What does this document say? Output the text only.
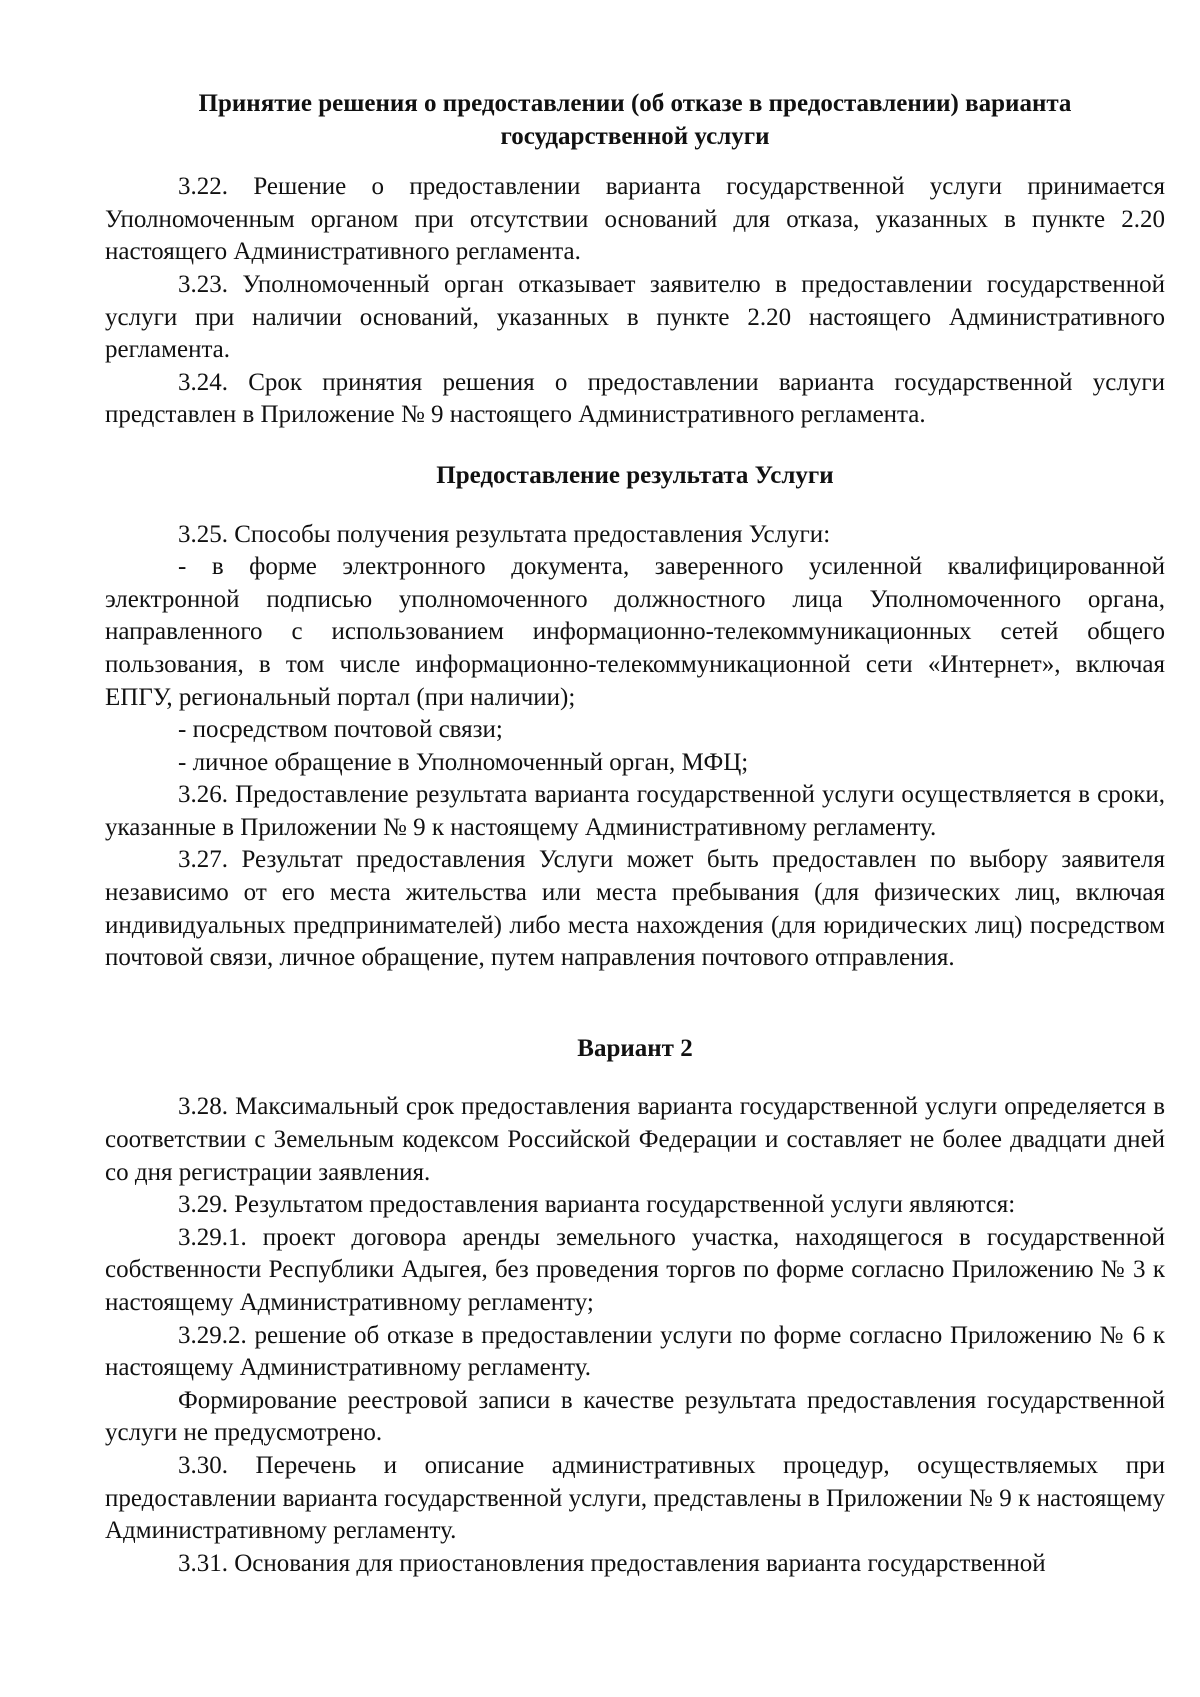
Принятие решения о предоставлении (об отказе в предоставлении) варианта государственной услуги

3.22. Решение о предоставлении варианта государственной услуги принимается Уполномоченным органом при отсутствии оснований для отказа, указанных в пункте 2.20 настоящего Административного регламента.

3.23. Уполномоченный орган отказывает заявителю в предоставлении государственной услуги при наличии оснований, указанных в пункте 2.20 настоящего Административного регламента.

3.24. Срок принятия решения о предоставлении варианта государственной услуги представлен в Приложение № 9 настоящего Административного регламента.

Предоставление результата Услуги

3.25. Способы получения результата предоставления Услуги:

- в форме электронного документа, заверенного усиленной квалифицированной электронной подписью уполномоченного должностного лица Уполномоченного органа, направленного с использованием информационно-телекоммуникационных сетей общего пользования, в том числе информационно-телекоммуникационной сети «Интернет», включая ЕПГУ, региональный портал (при наличии);

- посредством почтовой связи;

- личное обращение в Уполномоченный орган, МФЦ;

3.26. Предоставление результата варианта государственной услуги осуществляется в сроки, указанные в Приложении № 9 к настоящему Административному регламенту.

3.27. Результат предоставления Услуги может быть предоставлен по выбору заявителя независимо от его места жительства или места пребывания (для физических лиц, включая индивидуальных предпринимателей) либо места нахождения (для юридических лиц) посредством почтовой связи, личное обращение, путем направления почтового отправления.

Вариант 2

3.28. Максимальный срок предоставления варианта государственной услуги определяется в соответствии с Земельным кодексом Российской Федерации и составляет не более двадцати дней со дня регистрации заявления.

3.29. Результатом предоставления варианта государственной услуги являются:

3.29.1. проект договора аренды земельного участка, находящегося в государственной собственности Республики Адыгея, без проведения торгов по форме согласно Приложению № 3 к настоящему Административному регламенту;

3.29.2. решение об отказе в предоставлении услуги по форме согласно Приложению № 6 к настоящему Административному регламенту.

Формирование реестровой записи в качестве результата предоставления государственной услуги не предусмотрено.

3.30. Перечень и описание административных процедур, осуществляемых при предоставлении варианта государственной услуги, представлены в Приложении № 9 к настоящему Административному регламенту.

3.31. Основания для приостановления предоставления варианта государственной
